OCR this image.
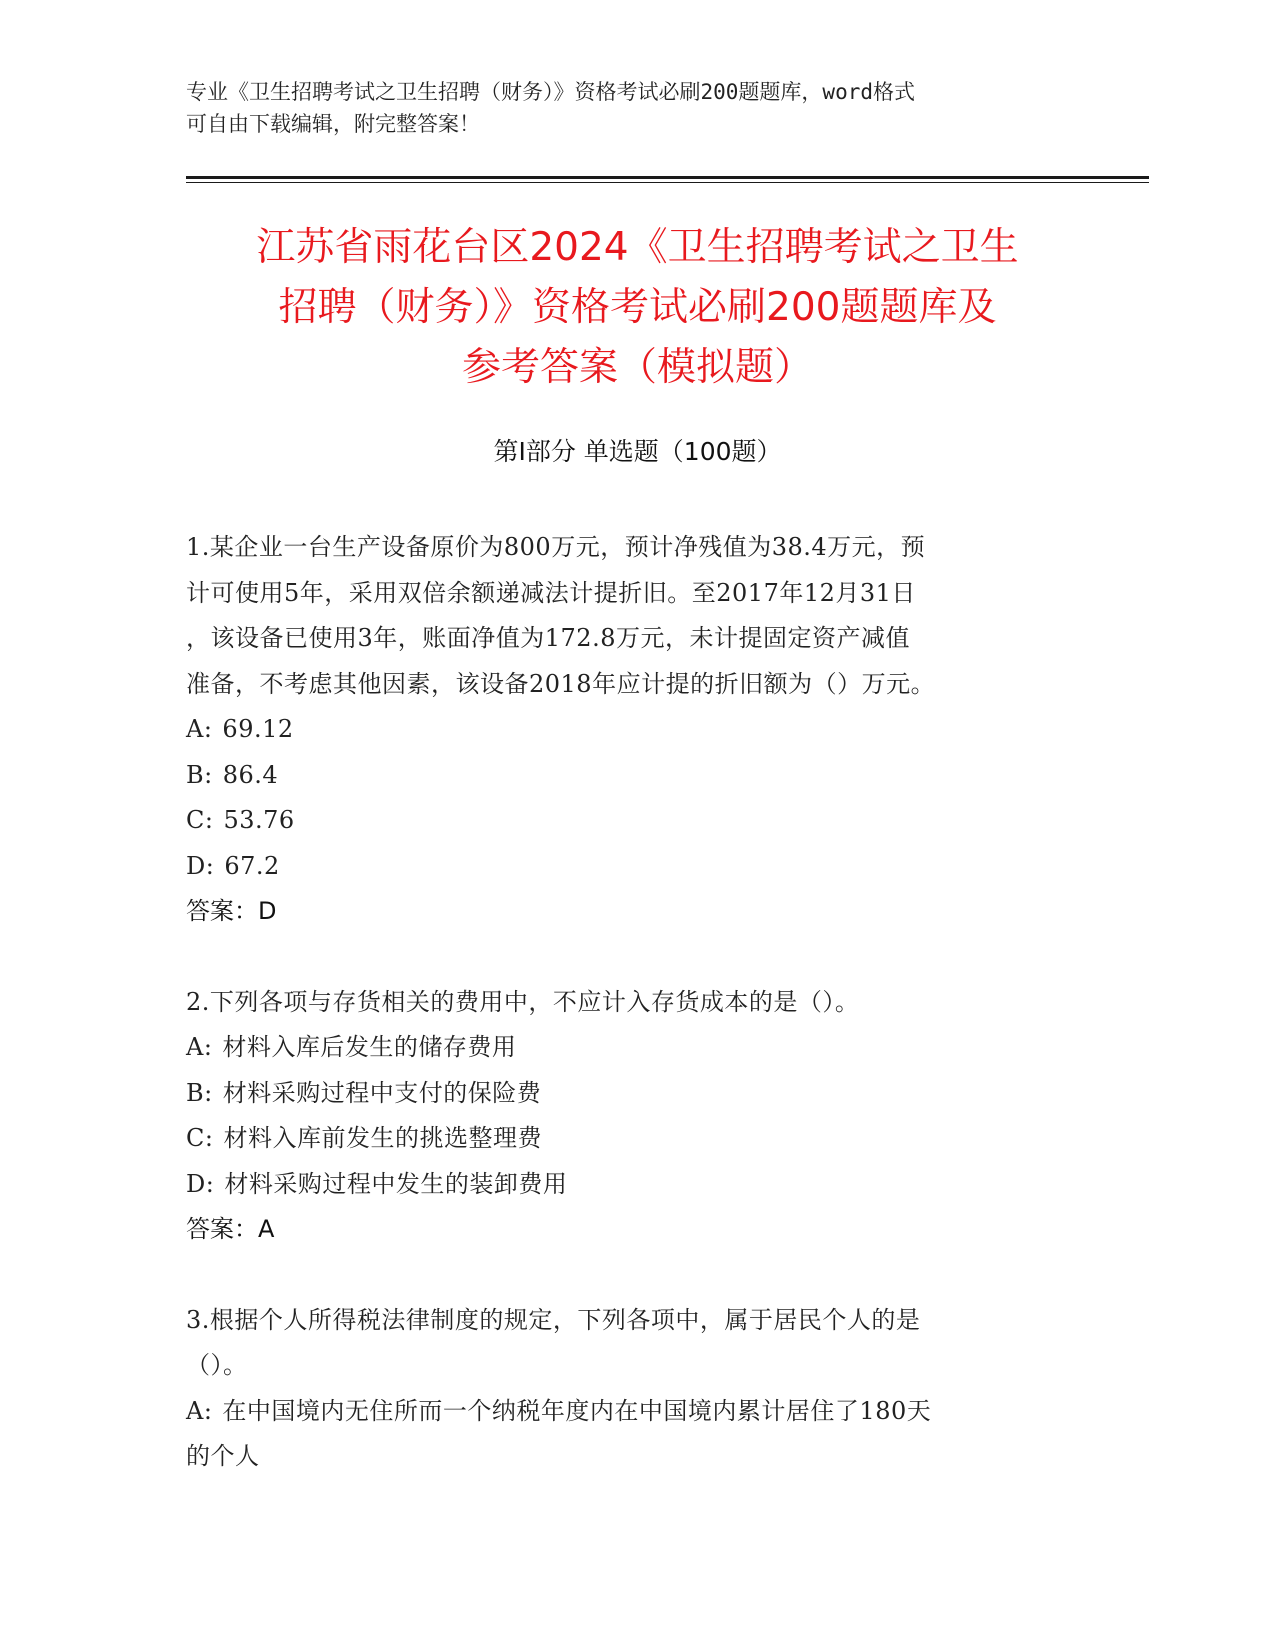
专业《卫生招聘考试之卫生招聘（财务）》资格考试必刷200题题库，word格式
可自由下载编辑，附完整答案！
江苏省雨花台区2024《卫生招聘考试之卫生
招聘（财务）》资格考试必刷200题题库及
参考答案（模拟题）
第Ⅰ部分 单选题（100题）
1.某企业一台生产设备原价为800万元，预计净残值为38.4万元，预
计可使用5年，采用双倍余额递减法计提折旧。至2017年12月31日
，该设备已使用3年，账面净值为172.8万元，未计提固定资产减值
准备，不考虑其他因素，该设备2018年应计提的折旧额为（）万元。
A: 69.12
B: 86.4
C: 53.76
D: 67.2
答案：D
2.下列各项与存货相关的费用中，不应计入存货成本的是（）。
A: 材料入库后发生的储存费用
B: 材料采购过程中支付的保险费
C: 材料入库前发生的挑选整理费
D: 材料采购过程中发生的装卸费用
答案：A
3.根据个人所得税法律制度的规定，下列各项中，属于居民个人的是
（）。
A: 在中国境内无住所而一个纳税年度内在中国境内累计居住了180天
的个人
